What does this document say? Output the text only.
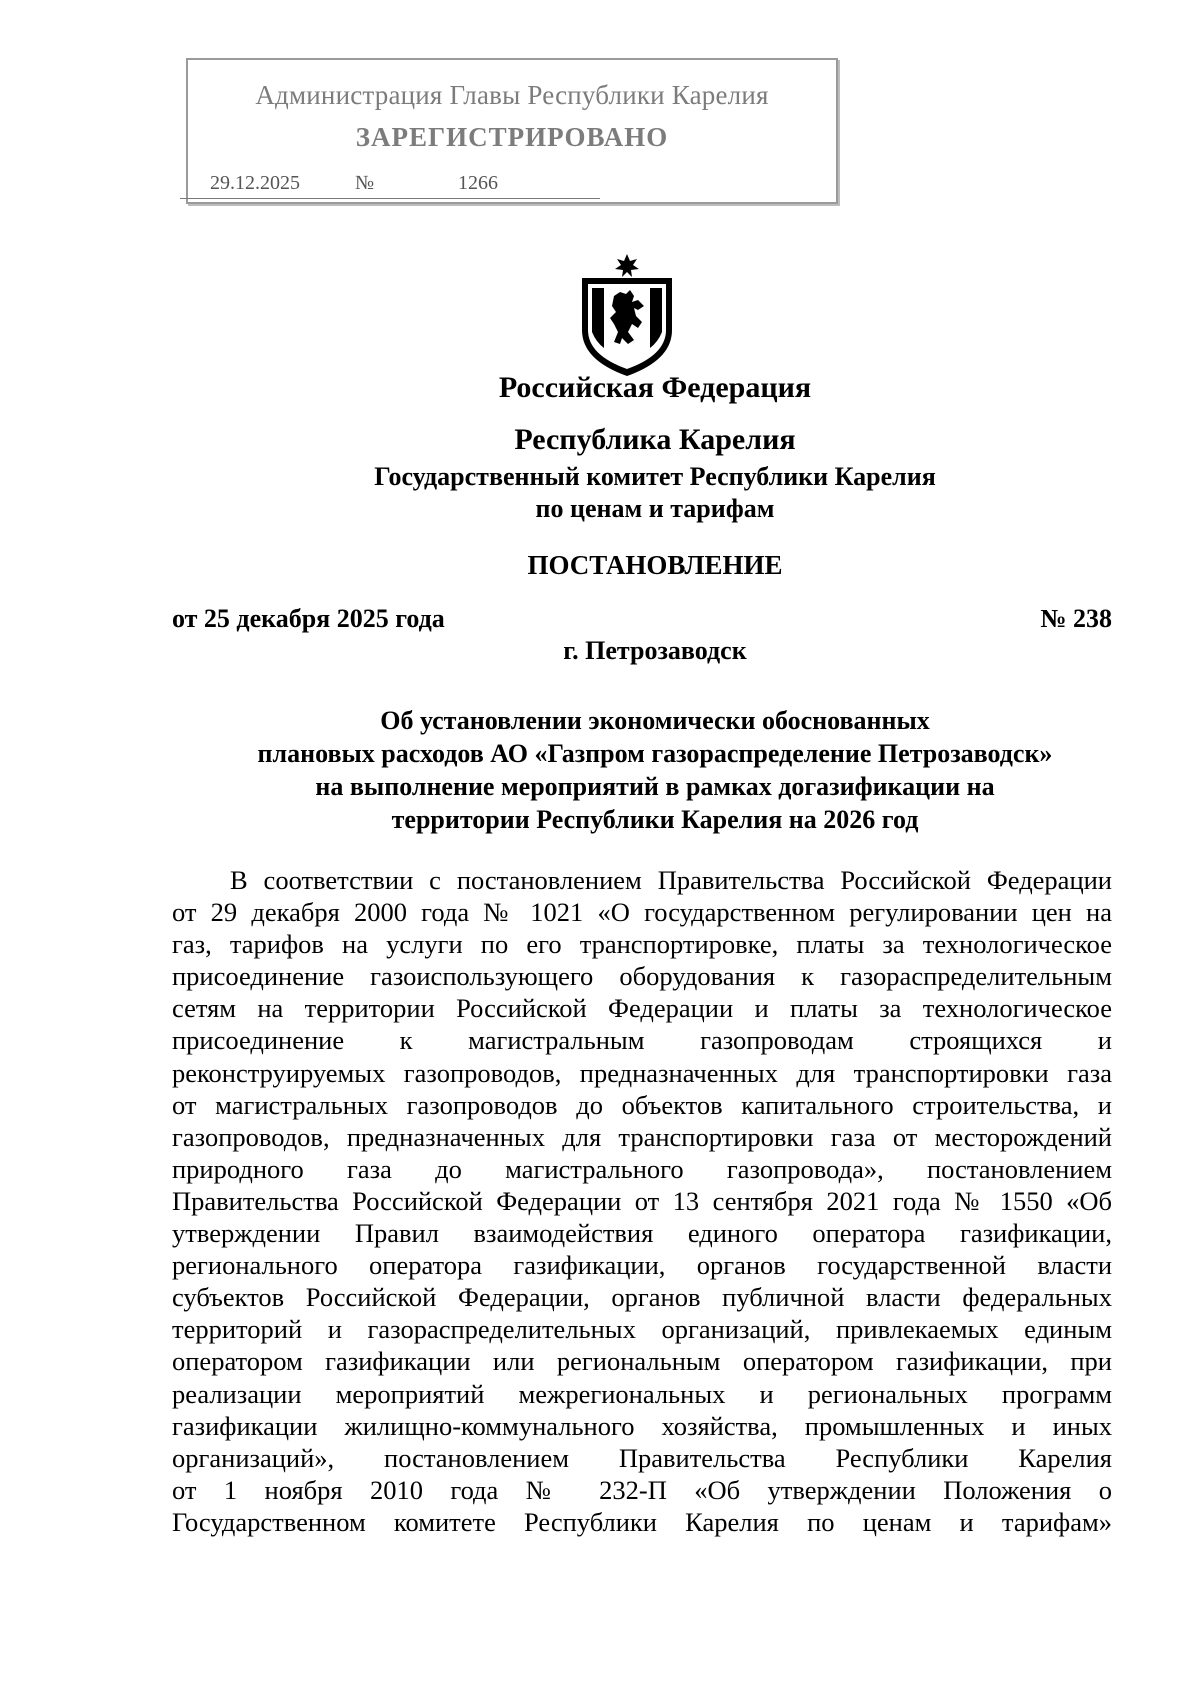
Администрация Главы Республики Карелия
ЗАРЕГИСТРИРОВАНО
29.12.2025	№	1266
Российская Федерация
Республика Карелия
Государственный комитет Республики Карелия
по ценам и тарифам
ПОСТАНОВЛЕНИЕ
от 25 декабря 2025 года	№ 238
г. Петрозаводск
Об установлении экономически обоснованных
плановых расходов АО «Газпром газораспределение Петрозаводск»
на выполнение мероприятий в рамках догазификации на
территории Республики Карелия на 2026 год
В соответствии с постановлением Правительства Российской Федерации
от 29 декабря 2000 года № 1021 «О государственном регулировании цен на
газ, тарифов на услуги по его транспортировке, платы за технологическое
присоединение газоиспользующего оборудования к газораспределительным
сетям на территории Российской Федерации и платы за технологическое
присоединение к магистральным газопроводам строящихся и
реконструируемых газопроводов, предназначенных для транспортировки газа
от магистральных газопроводов до объектов капитального строительства, и
газопроводов, предназначенных для транспортировки газа от месторождений
природного газа до магистрального газопровода», постановлением
Правительства Российской Федерации от 13 сентября 2021 года № 1550 «Об
утверждении Правил взаимодействия единого оператора газификации,
регионального оператора газификации, органов государственной власти
субъектов Российской Федерации, органов публичной власти федеральных
территорий и газораспределительных организаций, привлекаемых единым
оператором газификации или региональным оператором газификации, при
реализации мероприятий межрегиональных и региональных программ
газификации жилищно-коммунального хозяйства, промышленных и иных
организаций», постановлением Правительства Республики Карелия
от 1 ноября 2010 года № 232-П «Об утверждении Положения о
Государственном комитете Республики Карелия по ценам и тарифам»
